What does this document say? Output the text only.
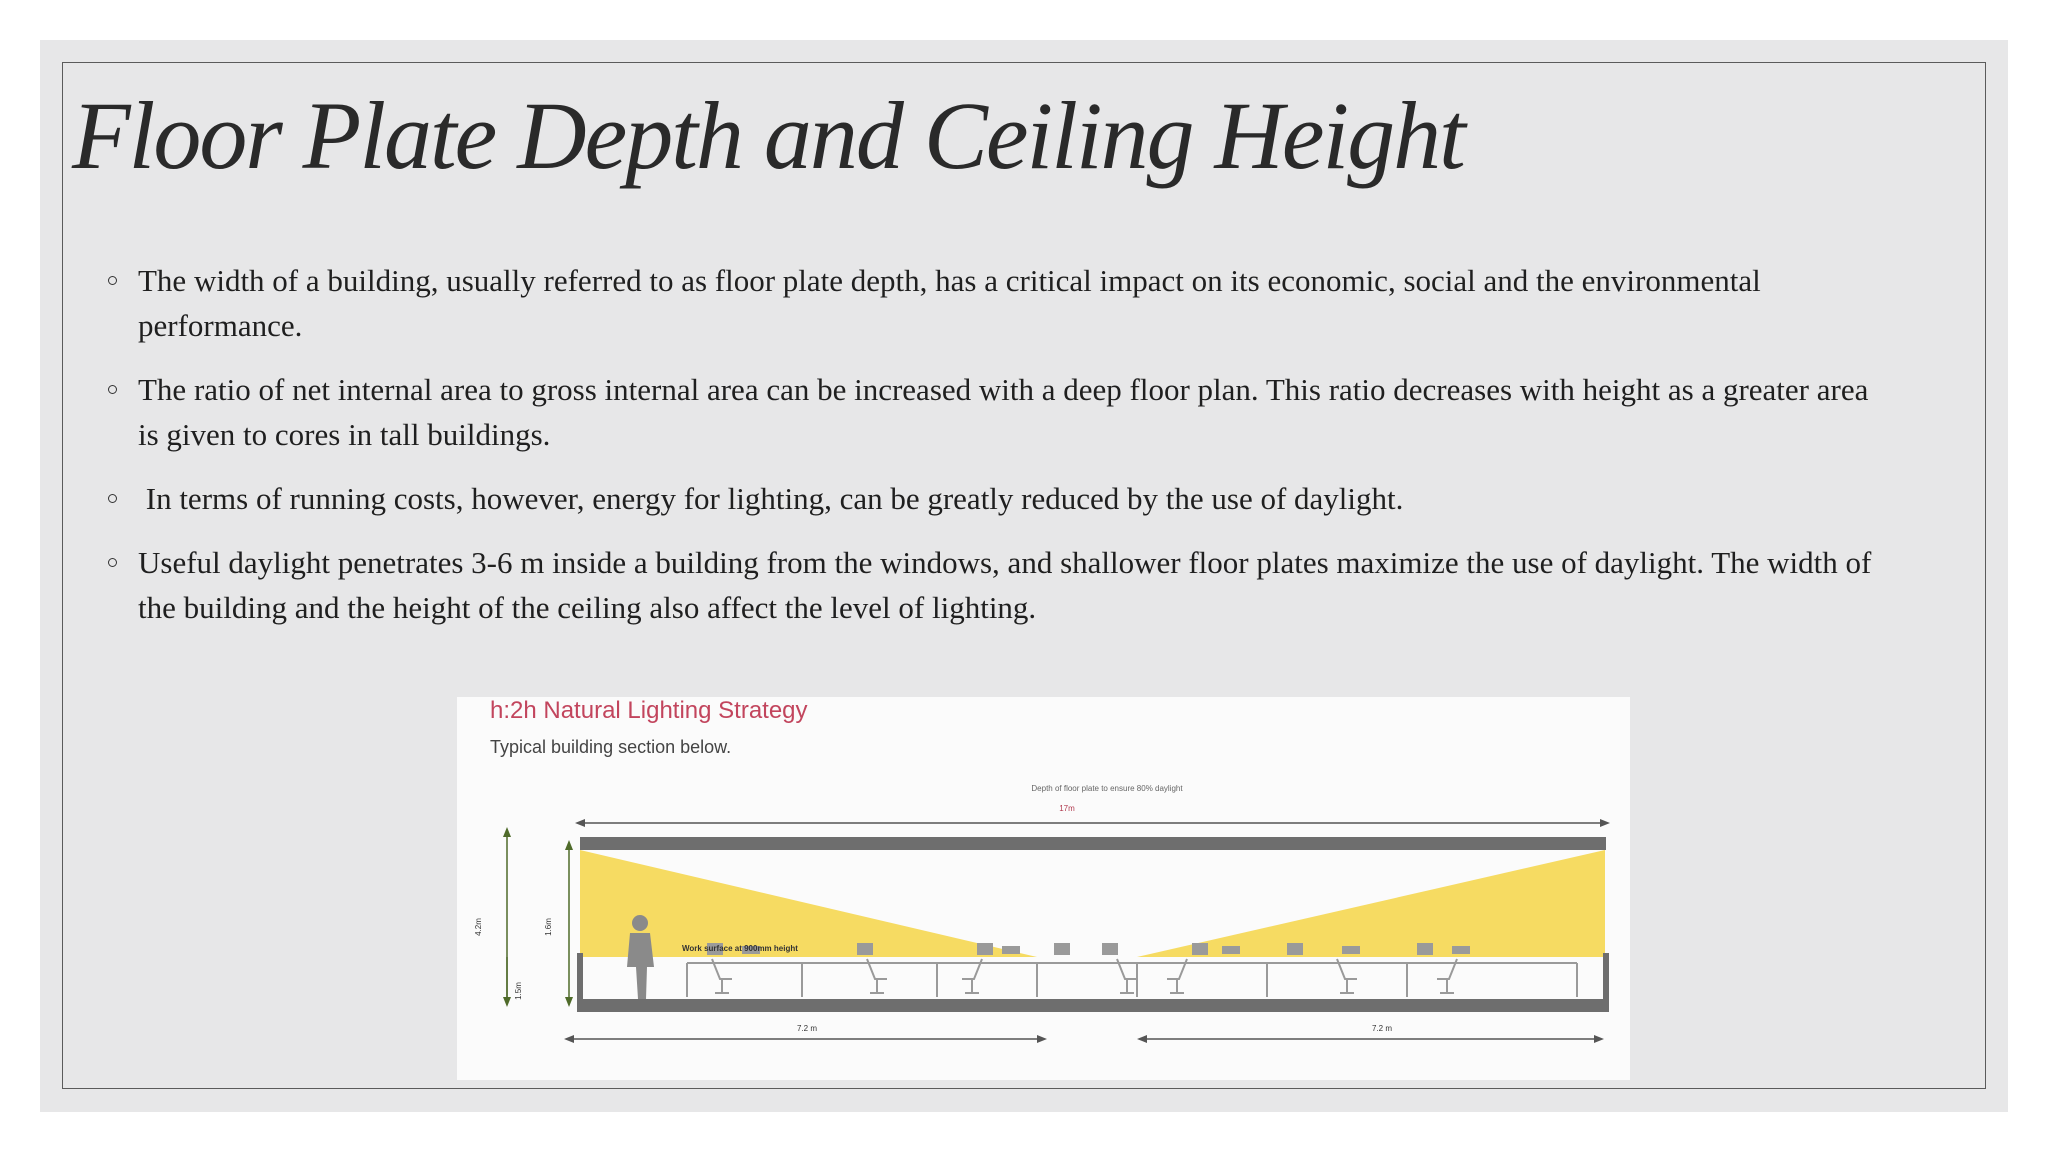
Floor Plate Depth and Ceiling Height
The width of a building, usually referred to as floor plate depth, has a critical impact on its economic, social and the environmental performance.
The ratio of net internal area to gross internal area can be increased with a deep floor plan. This ratio decreases with height as a greater area is given to cores in tall buildings.
In terms of running costs, however, energy for lighting, can be greatly reduced by the use of daylight.
Useful daylight penetrates 3-6 m inside a building from the windows, and shallower floor plates maximize the use of daylight. The width of the building and the height of the ceiling also affect the level of lighting.
Depth of floor plate to ensure 80% daylight
17m
4.2m	1.6m
1.5m
Work surface at 900mm height
7.2 m	7.2 m
h:2h Natural Lighting Strategy
Typical building section below.
